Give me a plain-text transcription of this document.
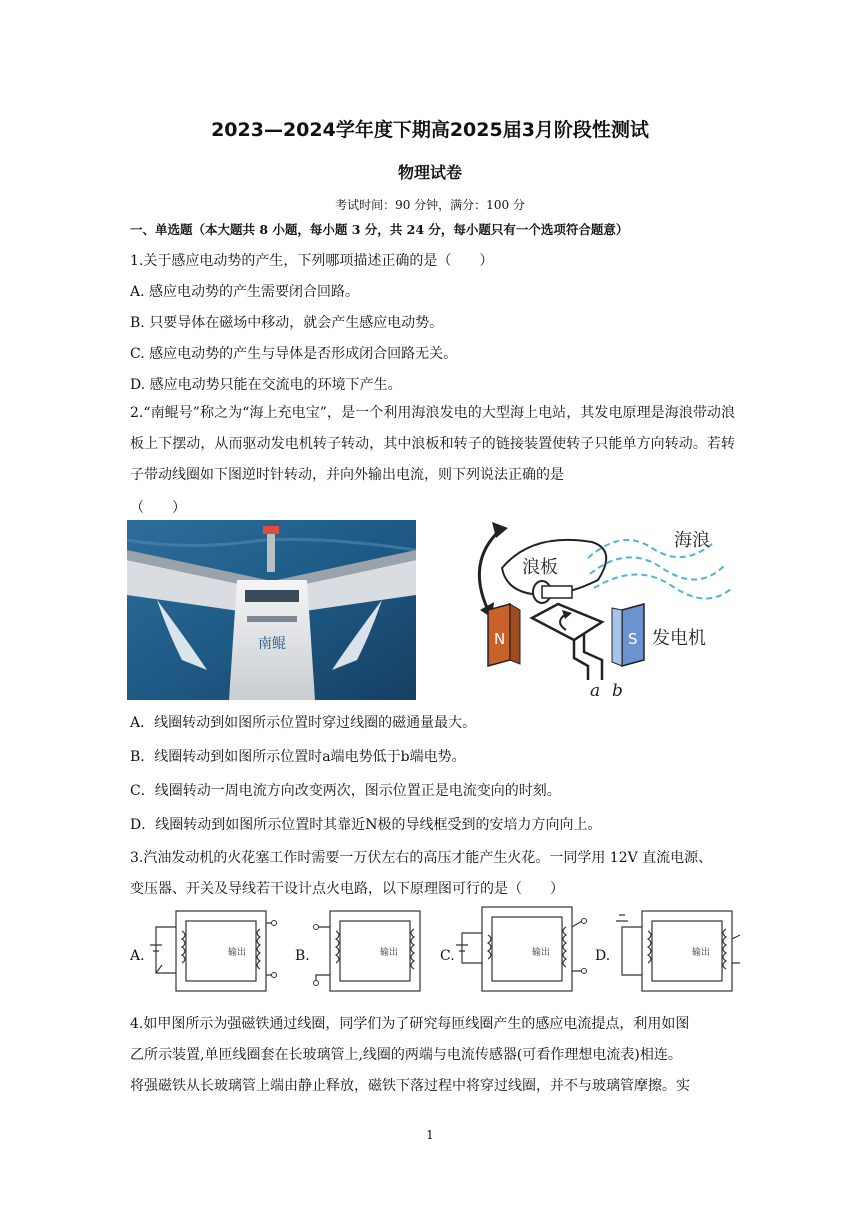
2023—2024学年度下期高2025届3月阶段性测试
物理试卷
考试时间：90 分钟，满分：100 分
一、单选题（本大题共 8 小题，每小题 3 分，共 24 分，每小题只有一个选项符合题意）
1.关于感应电动势的产生，下列哪项描述正确的是（　　）
A. 感应电动势的产生需要闭合回路。
B. 只要导体在磁场中移动，就会产生感应电动势。
C. 感应电动势的产生与导体是否形成闭合回路无关。
D. 感应电动势只能在交流电的环境下产生。
2.“南鲲号”称之为“海上充电宝”，是一个利用海浪发电的大型海上电站，其发电原理是海浪带动浪板上下摆动，从而驱动发电机转子转动，其中浪板和转子的链接装置使转子只能单方向转动。若转子带动线圈如下图逆时针转动，并向外输出电流，则下列说法正确的是
（　　）
南鲲
浪板
海浪
N	S 发电机
a b
A．线圈转动到如图所示位置时穿过线圈的磁通量最大。
B．线圈转动到如图所示位置时a端电势低于b端电势。
C．线圈转动一周电流方向改变两次，图示位置正是电流变向的时刻。
D．线圈转动到如图所示位置时其靠近N极的导线框受到的安培力方向向上。
3.汽油发动机的火花塞工作时需要一万伏左右的高压才能产生火花。一同学用 12V 直流电源、
变压器、开关及导线若干设计点火电路，以下原理图可行的是（　　）
A.	B.	C.	D.
输出	输出	输出	输出
4.如甲图所示为强磁铁通过线圈，同学们为了研究每匝线圈产生的感应电流提点，利用如图
乙所示装置,单匝线圈套在长玻璃管上,线圈的两端与电流传感器(可看作理想电流表)相连。
将强磁铁从长玻璃管上端由静止释放，磁铁下落过程中将穿过线圈，并不与玻璃管摩擦。实
1
